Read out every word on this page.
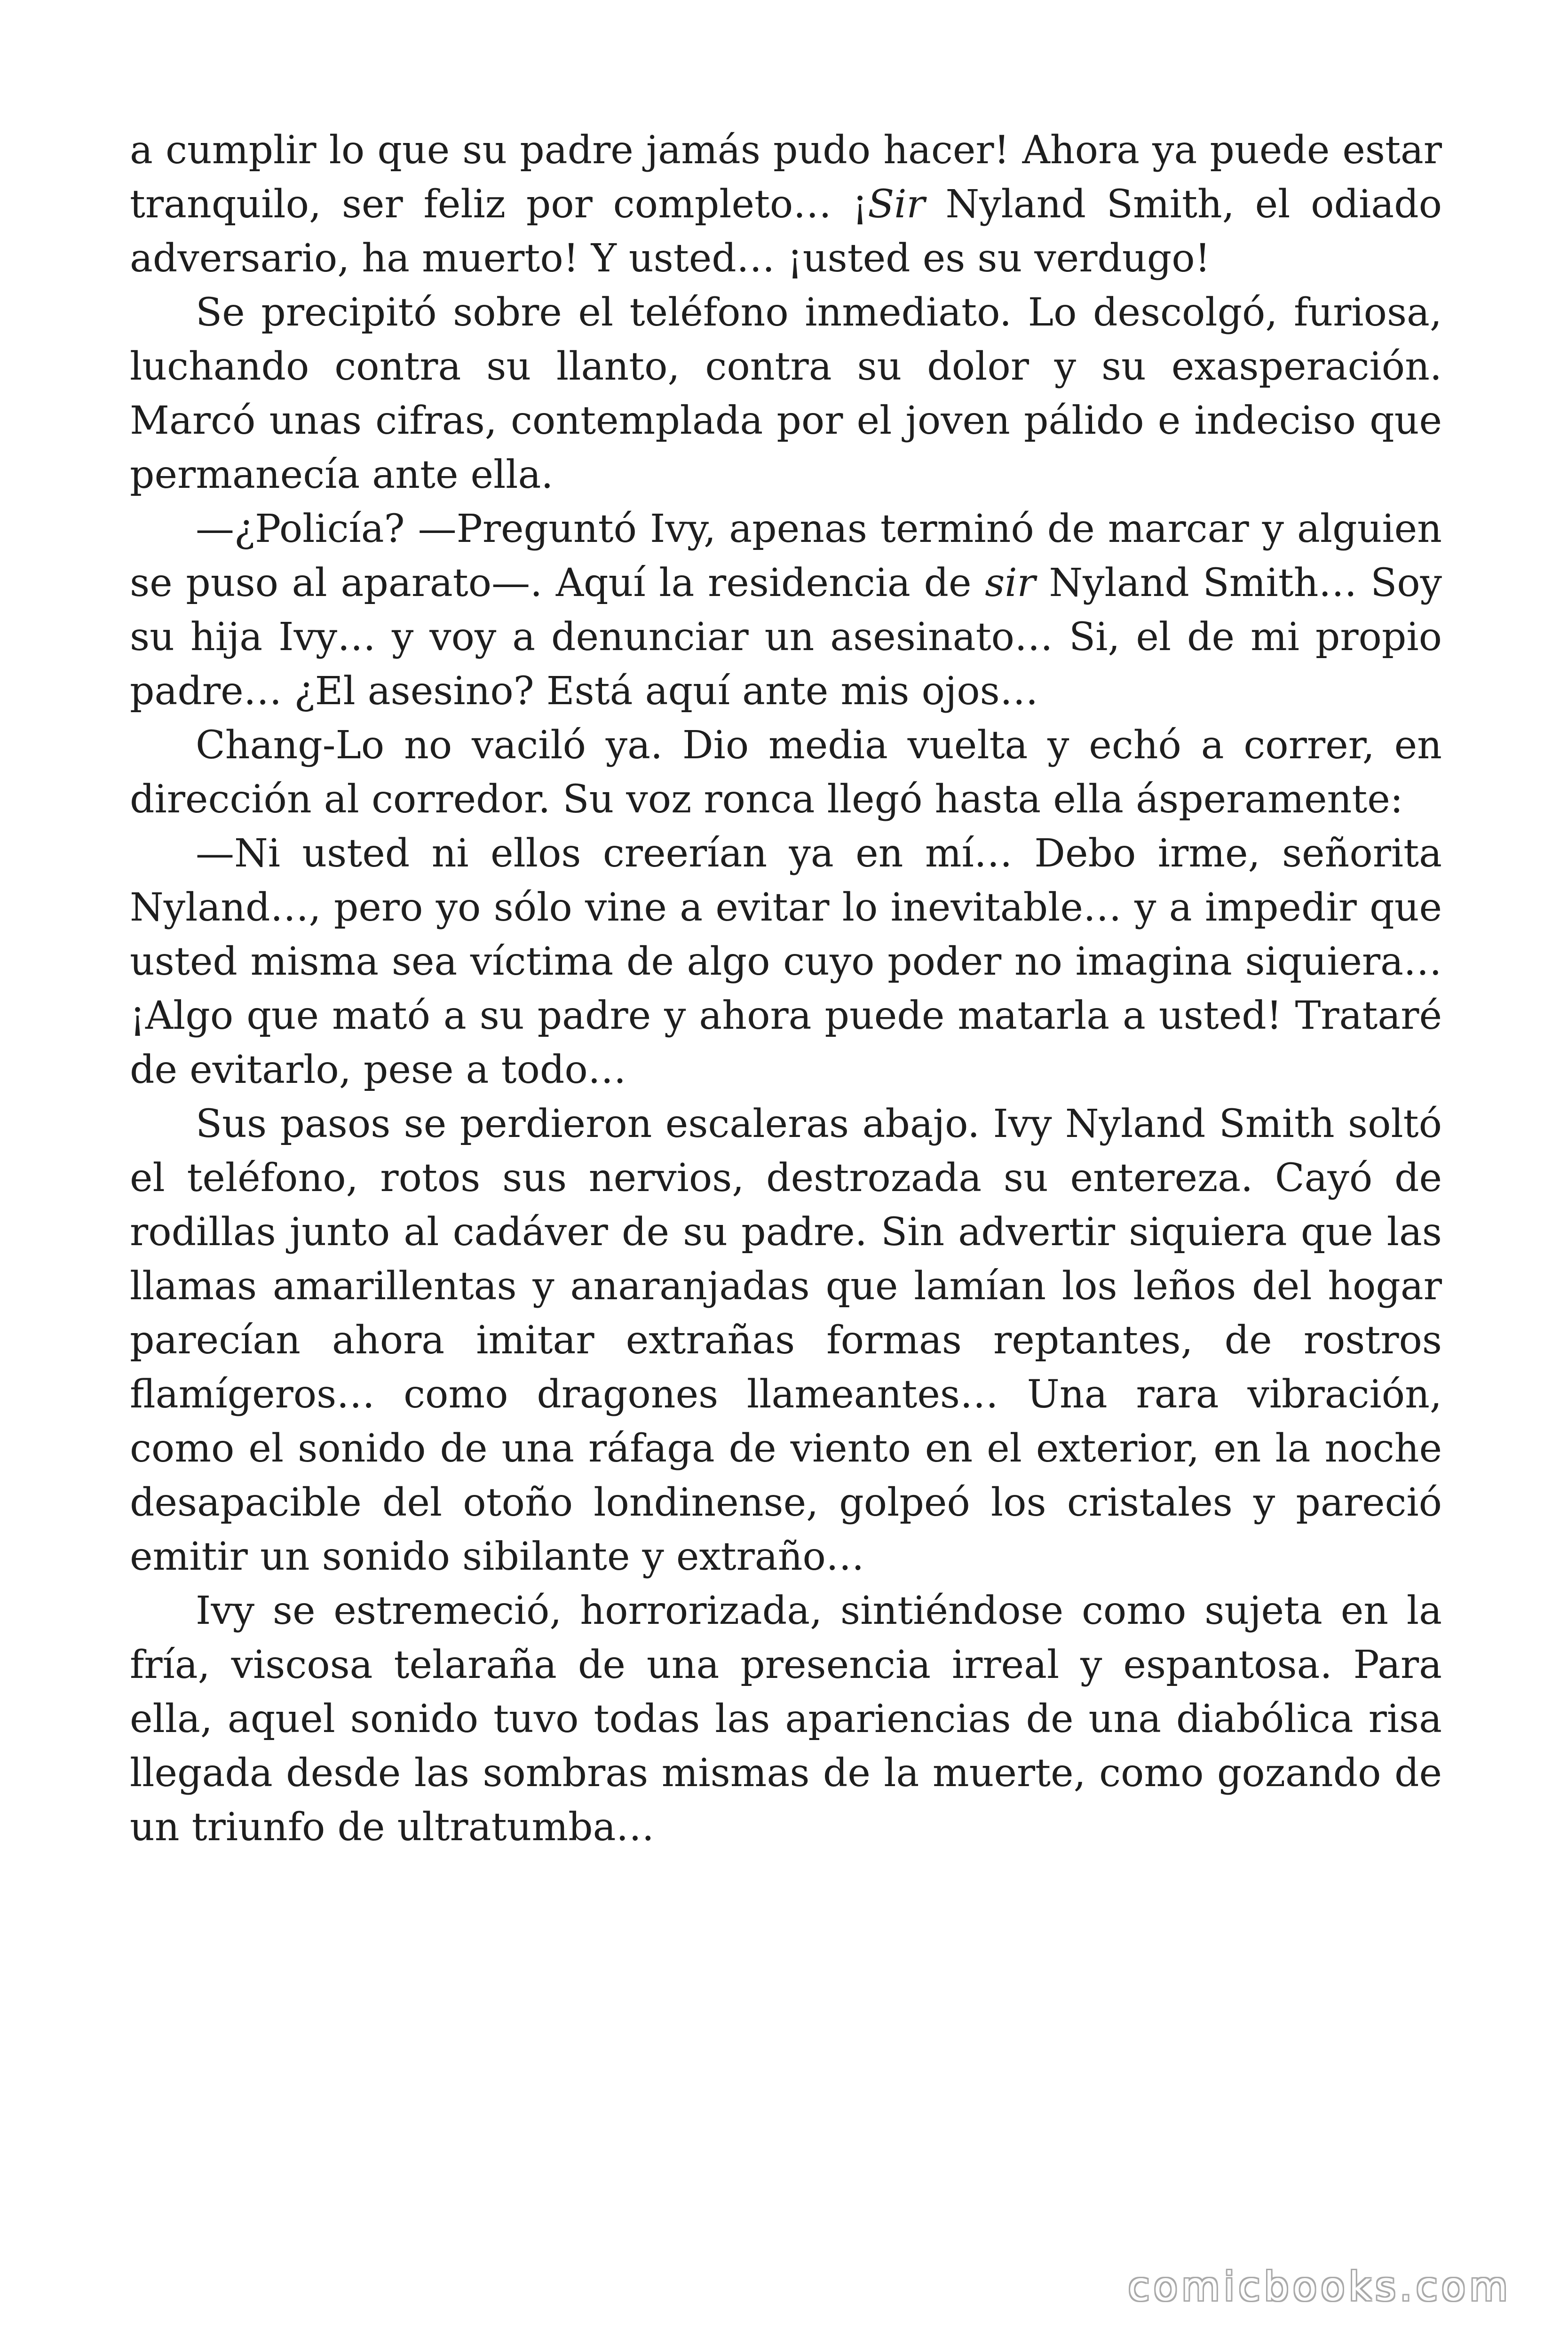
a cumplir lo que su padre jamás pudo hacer! Ahora ya puede estar tranquilo, ser feliz por completo… ¡Sir Nyland Smith, el odiado adversario, ha muerto! Y usted… ¡usted es su verdugo!

Se precipitó sobre el teléfono inmediato. Lo descolgó, furiosa, luchando contra su llanto, contra su dolor y su exasperación. Marcó unas cifras, contemplada por el joven pálido e indeciso que permanecía ante ella.

—¿Policía? —Preguntó Ivy, apenas terminó de marcar y alguien se puso al aparato—. Aquí la residencia de sir Nyland Smith… Soy su hija Ivy… y voy a denunciar un asesinato… Si, el de mi propio padre… ¿El asesino? Está aquí ante mis ojos…

Chang-Lo no vaciló ya. Dio media vuelta y echó a correr, en dirección al corredor. Su voz ronca llegó hasta ella ásperamente:

—Ni usted ni ellos creerían ya en mí… Debo irme, señorita Nyland…, pero yo sólo vine a evitar lo inevitable… y a impedir que usted misma sea víctima de algo cuyo poder no imagina siquiera… ¡Algo que mató a su padre y ahora puede matarla a usted! Trataré de evitarlo, pese a todo…

Sus pasos se perdieron escaleras abajo. Ivy Nyland Smith soltó el teléfono, rotos sus nervios, destrozada su entereza. Cayó de rodillas junto al cadáver de su padre. Sin advertir siquiera que las llamas amarillentas y anaranjadas que lamían los leños del hogar parecían ahora imitar extrañas formas reptantes, de rostros flamígeros… como dragones llameantes… Una rara vibración, como el sonido de una ráfaga de viento en el exterior, en la noche desapacible del otoño londinense, golpeó los cristales y pareció emitir un sonido sibilante y extraño…

Ivy se estremeció, horrorizada, sintiéndose como sujeta en la fría, viscosa telaraña de una presencia irreal y espantosa. Para ella, aquel sonido tuvo todas las apariencias de una diabólica risa llegada desde las sombras mismas de la muerte, como gozando de un triunfo de ultratumba…

comicbooks.com
